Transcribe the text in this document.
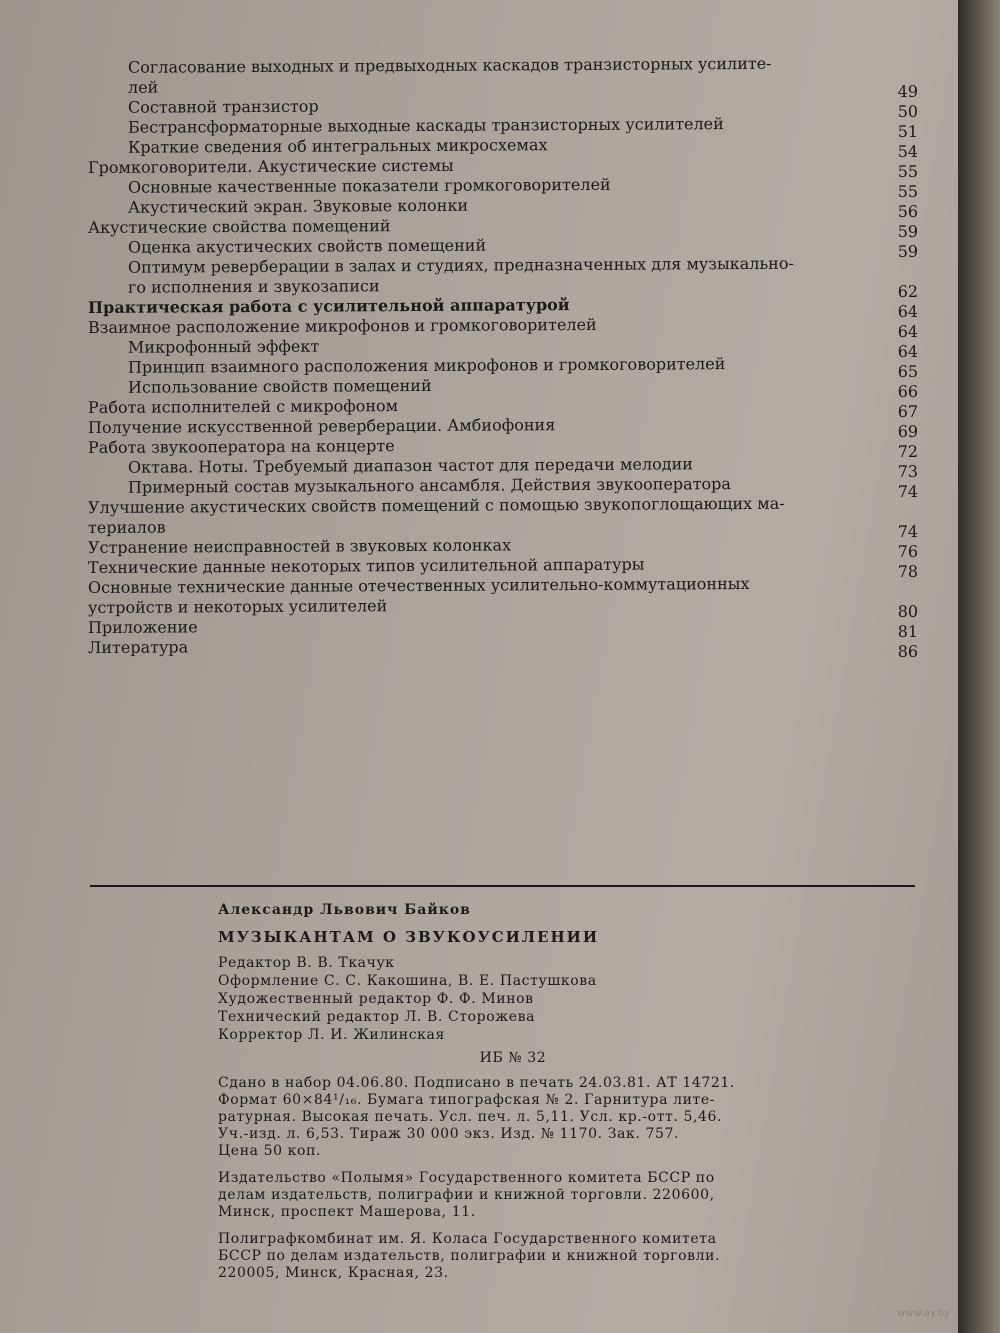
Согласование выходных и предвыходных каскадов транзисторных усилите-
лей	49
Составной транзистор	50
Бестрансформаторные выходные каскады транзисторных усилителей	51
Краткие сведения об интегральных микросхемах	54
Громкоговорители. Акустические системы	55
Основные качественные показатели громкоговорителей	55
Акустический экран. Звуковые колонки	56
Акустические свойства помещений	59
Оценка акустических свойств помещений	59
Оптимум реверберации в залах и студиях, предназначенных для музыкально-
го исполнения и звукозаписи	62
Практическая работа с усилительной аппаратурой	64
Взаимное расположение микрофонов и громкоговорителей	64
Микрофонный эффект	64
Принцип взаимного расположения микрофонов и громкоговорителей	65
Использование свойств помещений	66
Работа исполнителей с микрофоном	67
Получение искусственной реверберации. Амбиофония	69
Работа звукооператора на концерте	72
Октава. Ноты. Требуемый диапазон частот для передачи мелодии	73
Примерный состав музыкального ансамбля. Действия звукооператора	74
Улучшение акустических свойств помещений с помощью звукопоглощающих ма-
териалов	74
Устранение неисправностей в звуковых колонках	76
Технические данные некоторых типов усилительной аппаратуры	78
Основные технические данные отечественных усилительно-коммутационных
устройств и некоторых усилителей	80
Приложение	81
Литература	86
Александр Львович Байков
МУЗЫКАНТАМ О ЗВУКОУСИЛЕНИИ
Редактор В. В. Ткачук
Оформление С. С. Какошина, В. Е. Пастушкова
Художественный редактор Ф. Ф. Минов
Технический редактор Л. В. Сторожева
Корректор Л. И. Жилинская
ИБ № 32
Сдано в набор 04.06.80. Подписано в печать 24.03.81. АТ 14721.
Формат 60×84¹/₁₆. Бумага типографская № 2. Гарнитура лите-
ратурная. Высокая печать. Усл. печ. л. 5,11. Усл. кр.-отт. 5,46.
Уч.-изд. л. 6,53. Тираж 30 000 экз. Изд. № 1170. Зак. 757.
Цена 50 коп.
Издательство «Полымя» Государственного комитета БССР по
делам издательств, полиграфии и книжной торговли. 220600,
Минск, проспект Машерова, 11.
Полиграфкомбинат им. Я. Коласа Государственного комитета
БССР по делам издательств, полиграфии и книжной торговли.
220005, Минск, Красная, 23.
www.ay.by
